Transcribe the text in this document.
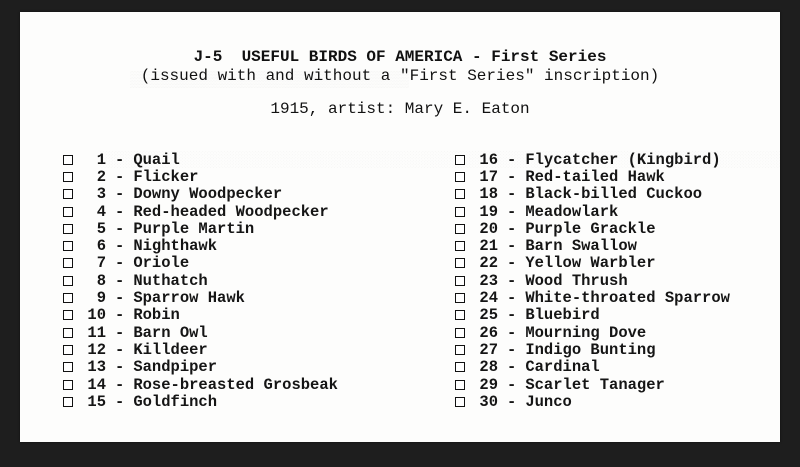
J-5  USEFUL BIRDS OF AMERICA - First Series
(issued with and without a "First Series" inscription)
1915, artist: Mary E. Eaton
1 - Quail
2 - Flicker
3 - Downy Woodpecker
4 - Red-headed Woodpecker
5 - Purple Martin
6 - Nighthawk
7 - Oriole
8 - Nuthatch
9 - Sparrow Hawk
10 - Robin
11 - Barn Owl
12 - Killdeer
13 - Sandpiper
14 - Rose-breasted Grosbeak
15 - Goldfinch
16 - Flycatcher (Kingbird)
17 - Red-tailed Hawk
18 - Black-billed Cuckoo
19 - Meadowlark
20 - Purple Grackle
21 - Barn Swallow
22 - Yellow Warbler
23 - Wood Thrush
24 - White-throated Sparrow
25 - Bluebird
26 - Mourning Dove
27 - Indigo Bunting
28 - Cardinal
29 - Scarlet Tanager
30 - Junco
